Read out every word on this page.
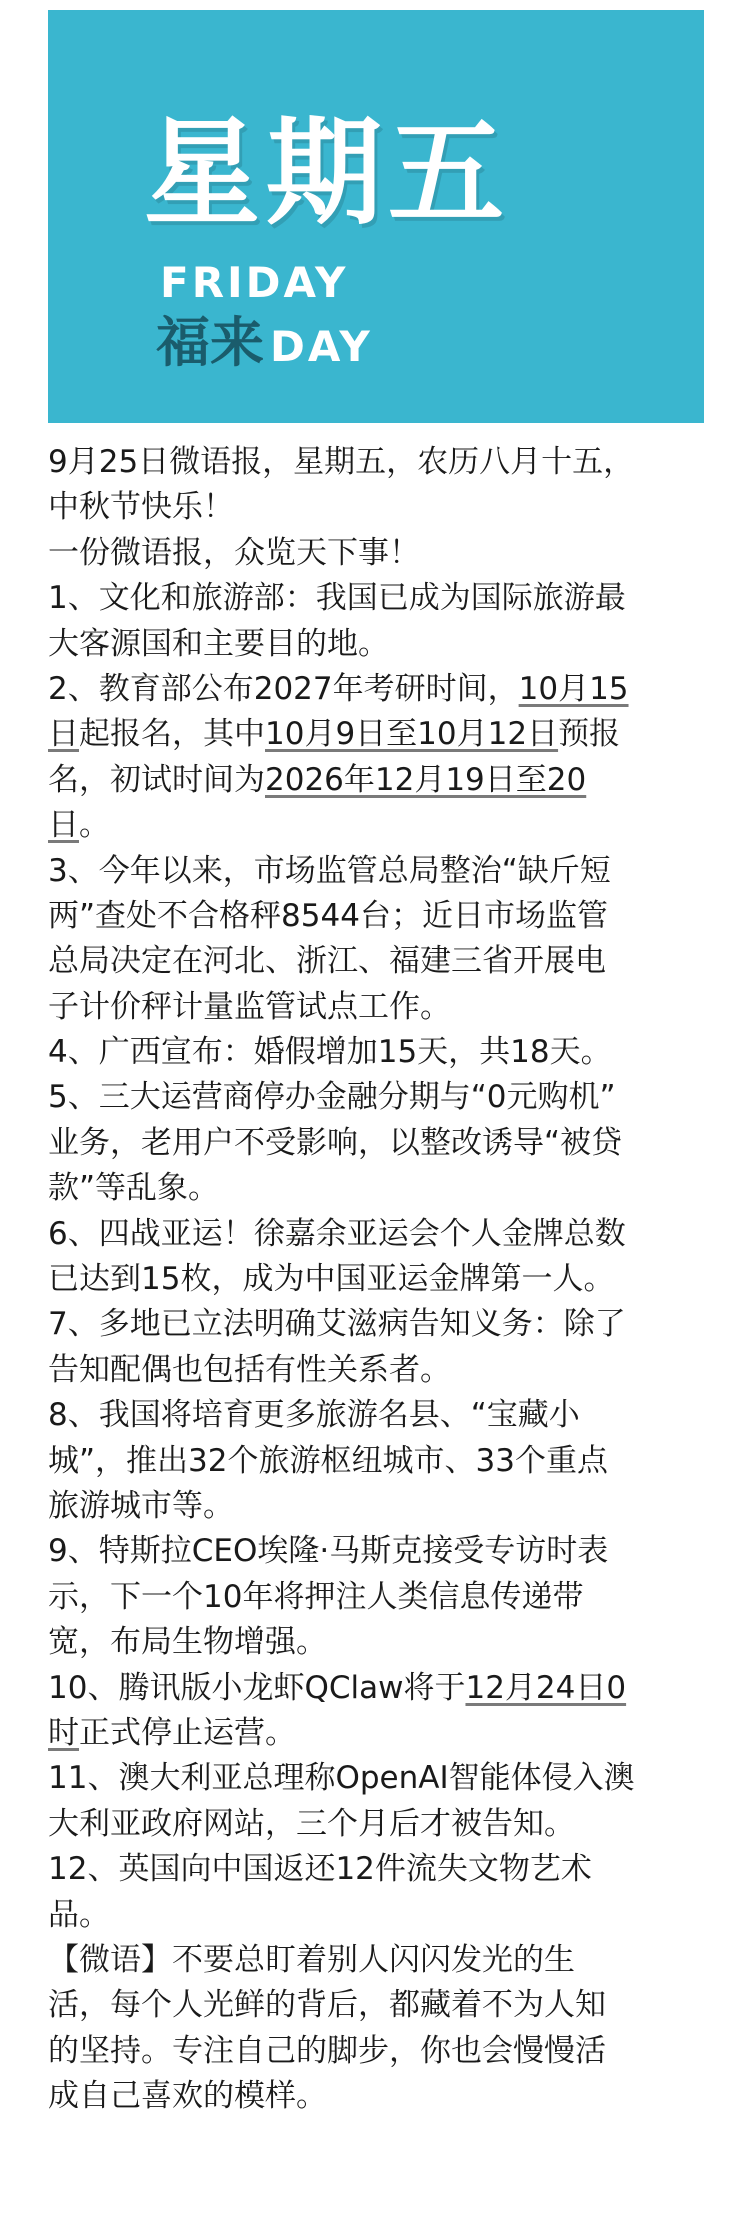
星期五
FRIDAY
福来 DAY
9月25日微语报，星期五，农历八月十五，
中秋节快乐！
一份微语报，众览天下事！
1、文化和旅游部：我国已成为国际旅游最
大客源国和主要目的地。
2、教育部公布2027年考研时间，10月15
日起报名，其中10月9日至10月12日预报
名，初试时间为2026年12月19日至20
日。
3、今年以来，市场监管总局整治“缺斤短
两”查处不合格秤8544台；近日市场监管
总局决定在河北、浙江、福建三省开展电
子计价秤计量监管试点工作。
4、广西宣布：婚假增加15天，共18天。
5、三大运营商停办金融分期与“0元购机”
业务，老用户不受影响，以整改诱导“被贷
款”等乱象。
6、四战亚运！徐嘉余亚运会个人金牌总数
已达到15枚，成为中国亚运金牌第一人。
7、多地已立法明确艾滋病告知义务：除了
告知配偶也包括有性关系者。
8、我国将培育更多旅游名县、“宝藏小
城”，推出32个旅游枢纽城市、33个重点
旅游城市等。
9、特斯拉CEO埃隆·马斯克接受专访时表
示，下一个10年将押注人类信息传递带
宽，布局生物增强。
10、腾讯版小龙虾QClaw将于12月24日0
时正式停止运营。
11、澳大利亚总理称OpenAI智能体侵入澳
大利亚政府网站，三个月后才被告知。
12、英国向中国返还12件流失文物艺术
品。
【微语】不要总盯着别人闪闪发光的生
活，每个人光鲜的背后，都藏着不为人知
的坚持。专注自己的脚步，你也会慢慢活
成自己喜欢的模样。
